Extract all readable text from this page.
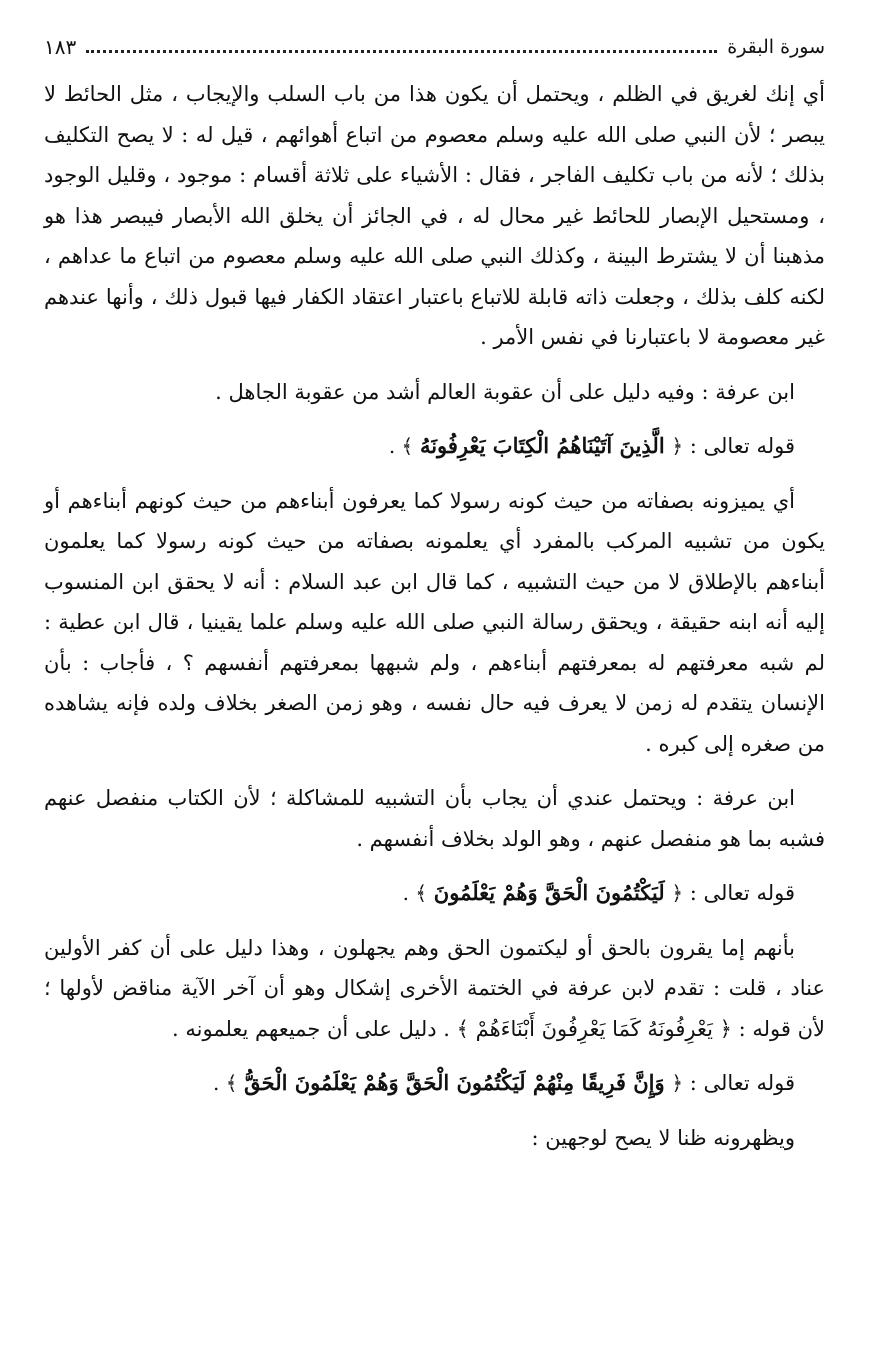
سورة البقرة
١٨٣

أي إنك لغريق في الظلم ، ويحتمل أن يكون هذا من باب السلب والإيجاب ، مثل الحائط لا يبصر ؛ لأن النبي صلى الله عليه وسلم معصوم من اتباع أهوائهم ، قيل له : لا يصح التكليف بذلك ؛ لأنه من باب تكليف الفاجر ، فقال : الأشياء على ثلاثة أقسام : موجود ، وقليل الوجود ، ومستحيل الإبصار للحائط غير محال له ، في الجائز أن يخلق الله الأبصار فيبصر هذا هو مذهبنا أن لا يشترط البينة ، وكذلك النبي صلى الله عليه وسلم معصوم من اتباع ما عداهم ، لكنه كلف بذلك ، وجعلت ذاته قابلة للاتباع باعتبار اعتقاد الكفار فيها قبول ذلك ، وأنها عندهم غير معصومة لا باعتبارنا في نفس الأمر .

ابن عرفة : وفيه دليل على أن عقوبة العالم أشد من عقوبة الجاهل .

قوله تعالى : ﴿ الَّذِينَ آتَيْنَاهُمُ الْكِتَابَ يَعْرِفُونَهُ ﴾ .

أي يميزونه بصفاته من حيث كونه رسولا كما يعرفون أبناءهم من حيث كونهم أبناءهم أو يكون من تشبيه المركب بالمفرد أي يعلمونه بصفاته من حيث كونه رسولا كما يعلمون أبناءهم بالإطلاق لا من حيث التشبيه ، كما قال ابن عبد السلام : أنه لا يحقق ابن المنسوب إليه أنه ابنه حقيقة ، ويحقق رسالة النبي صلى الله عليه وسلم علما يقينيا ، قال ابن عطية : لم شبه معرفتهم له بمعرفتهم أبناءهم ، ولم شبهها بمعرفتهم أنفسهم ؟ ، فأجاب : بأن الإنسان يتقدم له زمن لا يعرف فيه حال نفسه ، وهو زمن الصغر بخلاف ولده فإنه يشاهده من صغره إلى كبره .

ابن عرفة : ويحتمل عندي أن يجاب بأن التشبيه للمشاكلة ؛ لأن الكتاب منفصل عنهم فشبه بما هو منفصل عنهم ، وهو الولد بخلاف أنفسهم .

قوله تعالى : ﴿ لَيَكْتُمُونَ الْحَقَّ وَهُمْ يَعْلَمُونَ ﴾ .

بأنهم إما يقرون بالحق أو ليكتمون الحق وهم يجهلون ، وهذا دليل على أن كفر الأولين عناد ، قلت : تقدم لابن عرفة في الختمة الأخرى إشكال وهو أن آخر الآية مناقض لأولها ؛ لأن قوله : ﴿ يَعْرِفُونَهُ كَمَا يَعْرِفُونَ أَبْنَاءَهُمْ ﴾ . دليل على أن جميعهم يعلمونه .

قوله تعالى : ﴿ وَإِنَّ فَرِيقًا مِنْهُمْ لَيَكْتُمُونَ الْحَقَّ وَهُمْ يَعْلَمُونَ الْحَقُّ ﴾ .

ويظهرونه ظنا لا يصح لوجهين :
